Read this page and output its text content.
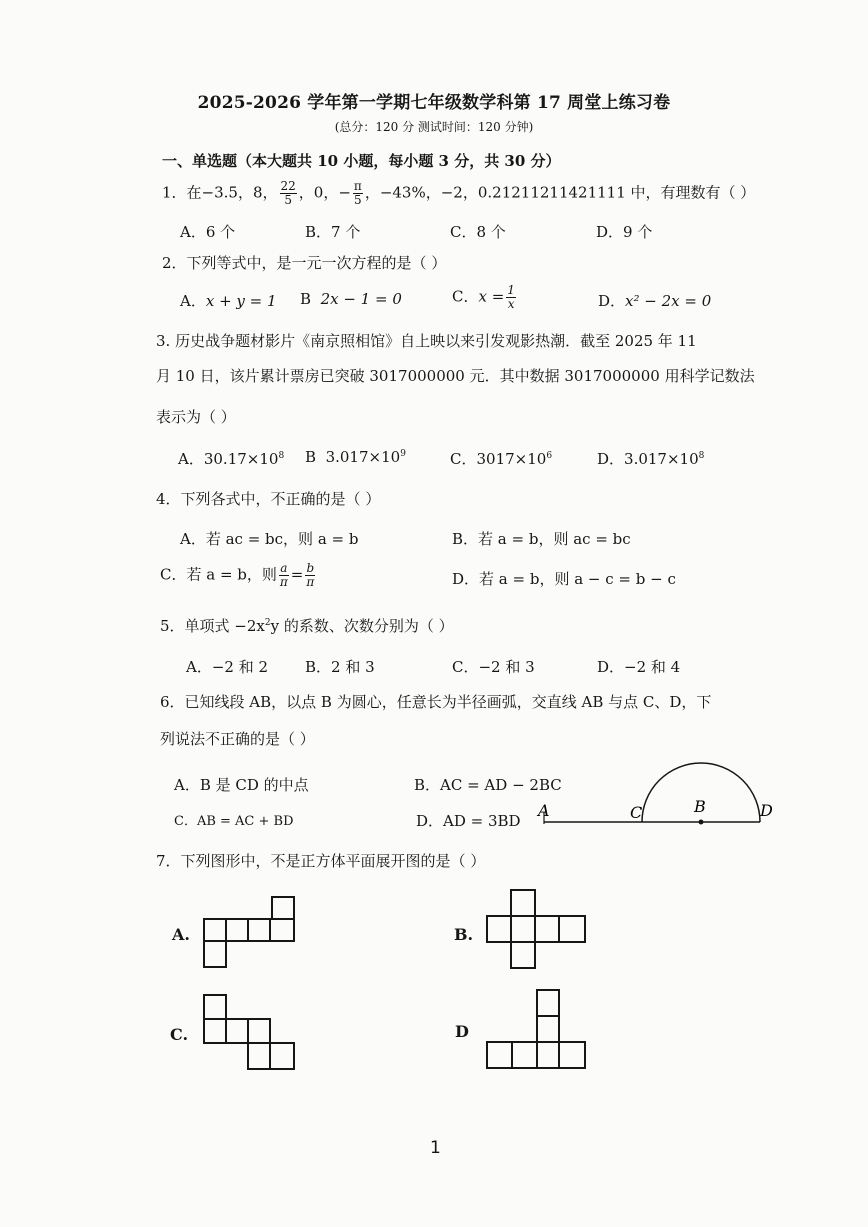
2025-2026 学年第一学期七年级数学科第 17 周堂上练习卷
(总分：120 分 测试时间：120 分钟)
一、单选题（本大题共 10 小题，每小题 3 分，共 30 分）
1．在−3.5，8， $\frac{22}{5}$ ，0，− $\frac{\pi}{5}$ ，−43%，−2，0.21211211421111 中，有理数有（ ）
A．6 个	B．7 个	C．8 个	D．9 个
2．下列等式中，是一元一次方程的是（ ）
A．x + y = 1 B 2x − 1 = 0	C．$x = \frac{1}{x}$	D．x² − 2x = 0
3. 历史战争题材影片《南京照相馆》自上映以来引发观影热潮．截至 2025 年 11
月 10 日，该片累计票房已突破 3017000000 元．其中数据 3017000000 用科学记数法
表示为（ ）
A．$30.17\times 10^8$ B $3.017\times 10^9$	C．$3017\times 10^6$	D．$3.017\times 10^8$
4．下列各式中，不正确的是（ ）
A．若 ac = bc，则 a = b	B．若 a = b，则 ac = bc
C．若 a = b，则 $\frac{a}{\pi} = \frac{b}{\pi}$	D．若 a = b，则 a − c = b − c
5．单项式 $-2x^2y$ 的系数、次数分别为（ ）
A．−2 和 2 B．2 和 3	C．−2 和 3	D．−2 和 4
6．已知线段 AB，以点 B 为圆心，任意长为半径画弧，交直线 AB 与点 C、D，下
列说法不正确的是（ ）
A．B 是 CD 的中点	B．AC = AD − 2BC
C．AB = AC + BD	D．AD = 3BD
A	C	B	D
7．下列图形中，不是正方体平面展开图的是（ ）
A.	B.
C.	D
1
